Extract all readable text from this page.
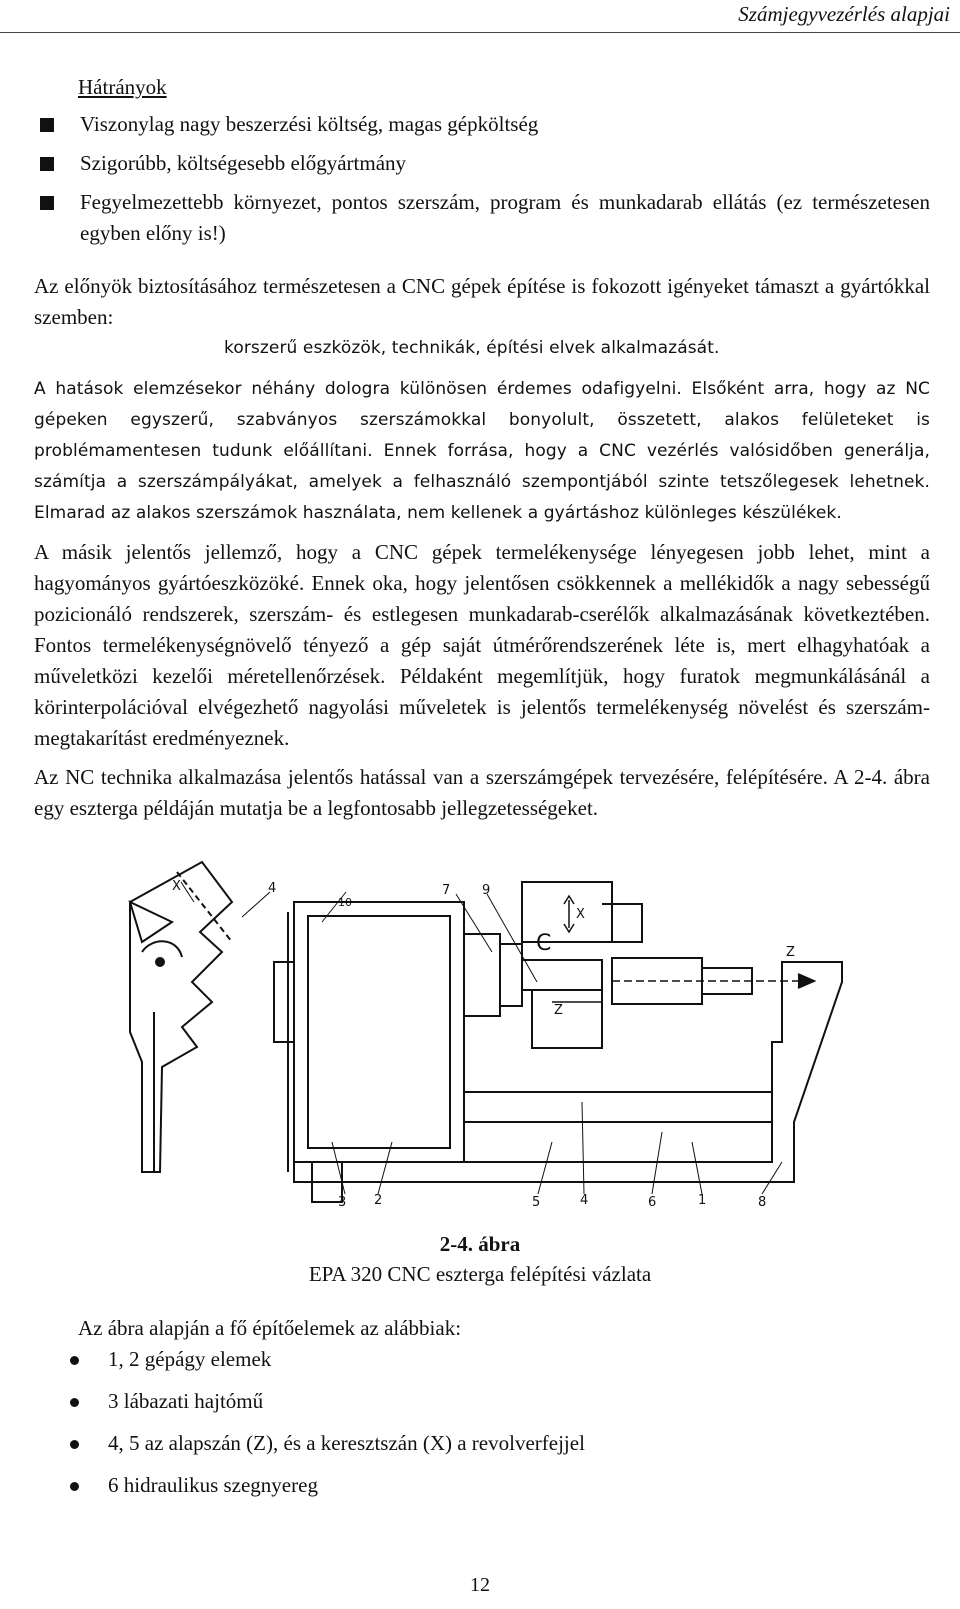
Számjegyvezérlés alapjai
Hátrányok
Viszonylag nagy beszerzési költség, magas gépköltség
Szigorúbb, költségesebb előgyártmány
Fegyelmezettebb környezet, pontos szerszám, program és munkadarab ellátás (ez természetesen egyben előny is!)

Az előnyök biztosításához természetesen a CNC gépek építése is fokozott igényeket támaszt a gyártókkal szemben:

korszerű eszközök, technikák, építési elvek alkalmazását.

A hatások elemzésekor néhány dologra különösen érdemes odafigyelni. Elsőként arra, hogy az NC gépeken egyszerű, szabványos szerszámokkal bonyolult, összetett, alakos felületeket is problémamentesen tudunk előállítani. Ennek forrása, hogy a CNC vezérlés valósidőben generálja, számítja a szerszámpályákat, amelyek a felhasználó szempontjából szinte tetszőlegesek lehetnek. Elmarad az alakos szerszámok használata, nem kellenek a gyártáshoz különleges készülékek.

A másik jelentős jellemző, hogy a CNC gépek termelékenysége lényegesen jobb lehet, mint a hagyományos gyártóeszközöké. Ennek oka, hogy jelentősen csökkennek a mellékidők a nagy sebességű pozicionáló rendszerek, szerszám- és estlegesen munkadarab-cserélők alkalmazásának következtében. Fontos termelékenységnövelő tényező a gép saját útmérőrendszerének léte is, mert elhagyhatóak a műveletközi kezelői méretellenőrzések. Példaként megemlítjük, hogy furatok megmunkálásánál a körinterpolációval elvégezhető nagyolási műveletek is jelentős termelékenység növelést és szerszám-megtakarítást eredményeznek.

Az NC technika alkalmazása jelentős hatással van a szerszámgépek tervezésére, felépítésére. A 2-4. ábra egy eszterga példáján mutatja be a legfontosabb jellegzetességeket.

X	4	7 9
10
X
C	Z
Z
3 2	5	4	6	1	8
2-4. ábra
EPA 320 CNC eszterga felépítési vázlata
Az ábra alapján a fő építőelemek az alábbiak:
1, 2 gépágy elemek
3 lábazati hajtómű
4, 5 az alapszán (Z), és a keresztszán (X) a revolverfejjel
6 hidraulikus szegnyereg
12
